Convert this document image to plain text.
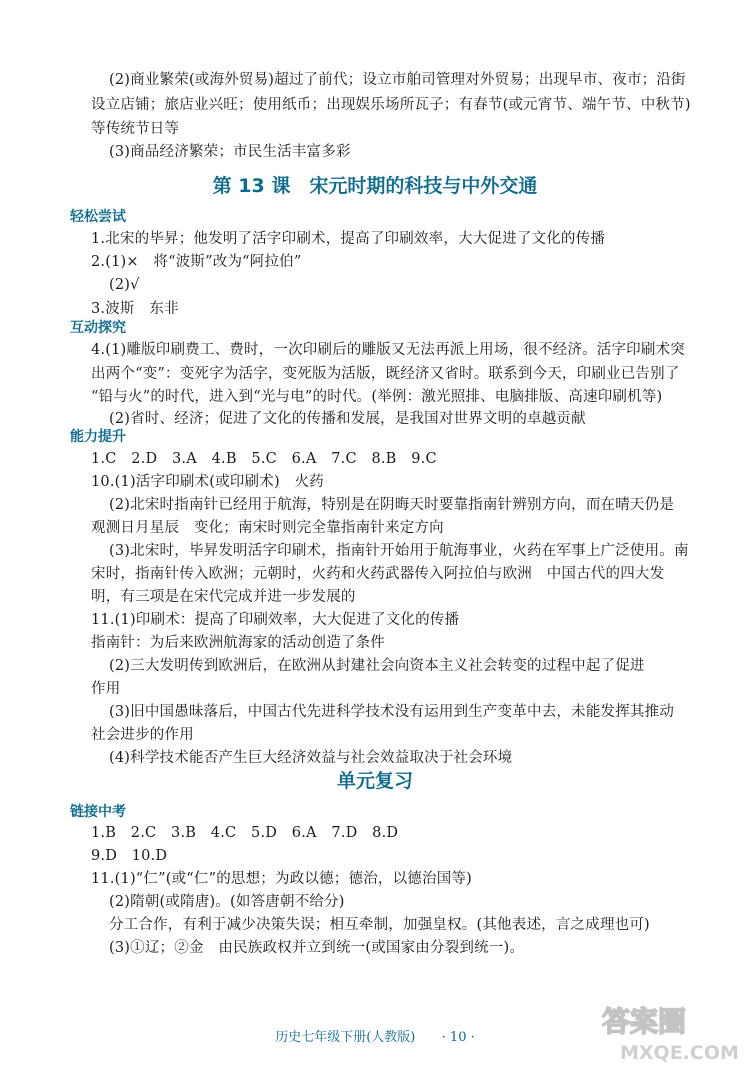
(2)商业繁荣(或海外贸易)超过了前代；设立市舶司管理对外贸易；出现早市、夜市；沿街
设立店铺；旅店业兴旺；使用纸币；出现娱乐场所瓦子；有春节(或元宵节、端午节、中秋节)
等传统节日等
(3)商品经济繁荣；市民生活丰富多彩
第 13 课　宋元时期的科技与中外交通
轻松尝试
1.北宋的毕昇；他发明了活字印刷术，提高了印刷效率，大大促进了文化的传播
2.(1)×　将“波斯”改为“阿拉伯”
(2)√
3.波斯　东非
互动探究
4.(1)雕版印刷费工、费时，一次印刷后的雕版又无法再派上用场，很不经济。活字印刷术突
出两个“变”：变死字为活字，变死版为活版，既经济又省时。联系到今天，印刷业已告别了
“铅与火”的时代，进入到“光与电”的时代。(举例：激光照排、电脑排版、高速印刷机等)
(2)省时、经济；促进了文化的传播和发展，是我国对世界文明的卓越贡献
能力提升
1.C　2.D　3.A　4.B　5.C　6.A　7.C　8.B　9.C
10.(1)活字印刷术(或印刷术)　火药
(2)北宋时指南针已经用于航海，特别是在阴晦天时要靠指南针辨别方向，而在晴天仍是
观测日月星辰　变化；南宋时则完全靠指南针来定方向
(3)北宋时，毕昇发明活字印刷术，指南针开始用于航海事业，火药在军事上广泛使用。南
宋时，指南针传入欧洲；元朝时，火药和火药武器传入阿拉伯与欧洲　中国古代的四大发
明，有三项是在宋代完成并进一步发展的
11.(1)印刷术：提高了印刷效率，大大促进了文化的传播
指南针：为后来欧洲航海家的活动创造了条件
(2)三大发明传到欧洲后，在欧洲从封建社会向资本主义社会转变的过程中起了促进
作用
(3)旧中国愚昧落后，中国古代先进科学技术没有运用到生产变革中去，未能发挥其推动
社会进步的作用
(4)科学技术能否产生巨大经济效益与社会效益取决于社会环境
单元复习
链接中考
1.B　2.C　3.B　4.C　5.D　6.A　7.D　8.D
9.D　10.D
11.(1)“仁”(或“仁”的思想；为政以德；德治，以德治国等)
(2)隋朝(或隋唐)。(如答唐朝不给分)
分工合作，有利于减少决策失误；相互牵制，加强皇权。(其他表述，言之成理也可)
(3)①辽；②金　由民族政权并立到统一(或国家由分裂到统一)。
历史七年级下册(人教版) · 10 ·	答案圈
MXQE.COM
